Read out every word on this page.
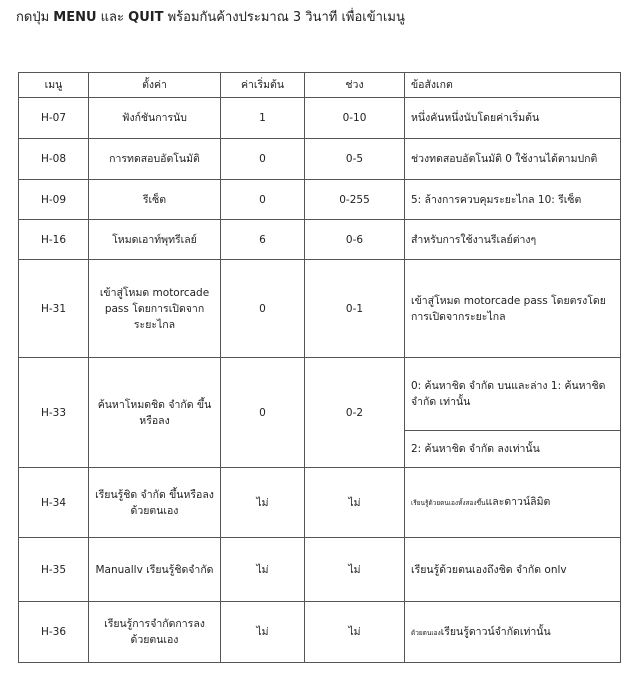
กดปุ่ม MENU และ QUIT พร้อมกันค้างประมาณ 3 วินาที เพื่อเข้าเมนู
เมนู	ตั้งค่า	ค่าเริ่มต้น	ช่วง	ข้อสังเกต
H-07	ฟังก์ชันการนับ	1	0-10	หนึ่งคันหนึ่งนับโดยค่าเริ่มต้น
H-08	การทดสอบอัตโนมัติ	0	0-5	ช่วงทดสอบอัตโนมัติ 0 ใช้งานได้ตามปกติ
H-09	รีเซ็ต	0	0-255	5: ล้างการควบคุมระยะไกล 10: รีเซ็ต
H-16	โหมดเอาท์พุทรีเลย์	6	0-6	สำหรับการใช้งานรีเลย์ต่างๆ
H-31	เข้าสู่โหมด motorcade pass โดยการเปิดจากระยะไกล	0	0-1	เข้าสู่โหมด motorcade pass โดยตรงโดยการเปิดจากระยะไกล
H-33	ค้นหาโหมดชิด จำกัด ขึ้นหรือลง	0	0-2	0: ค้นหาชิด จำกัด บนและล่าง 1: ค้นหาชิด จำกัด เท่านั้น
				2: ค้นหาชิด จำกัด ลงเท่านั้น
H-34	เรียนรู้ชิด จำกัด ขึ้นหรือลงด้วยตนเอง	ไม่	ไม่	เรียนรู้ด้วยตนเองทั้งสองขึ้นและดาวน์ลิมิต
H-35	Manuallv เรียนรู้ชิดจำกัด	ไม่	ไม่	เรียนรู้ด้วยตนเองถึงชิด จำกัด onlv
H-36	เรียนรู้การจำกัดการลงด้วยตนเอง	ไม่	ไม่	ด้วยตนเองเรียนรู้ดาวน์จำกัดเท่านั้น
